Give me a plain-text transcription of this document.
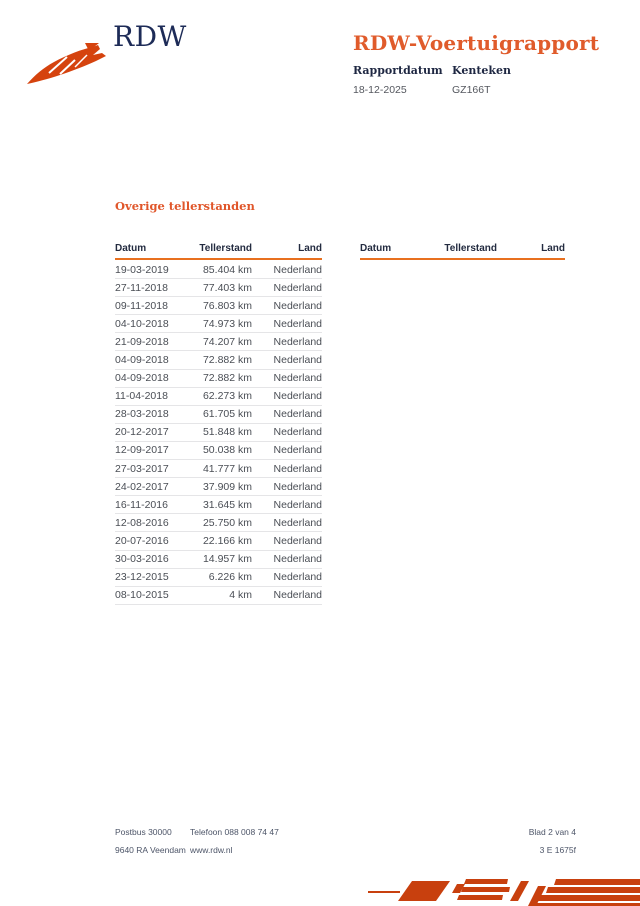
RDW	RDW-Voertuigrapport
Rapportdatum
18-12-2025
Kenteken
GZ166T
Overige tellerstanden
Datum	Tellerstand	Land
19-03-2019	85.404 km	Nederland
27-11-2018	77.403 km	Nederland
09-11-2018	76.803 km	Nederland
04-10-2018	74.973 km	Nederland
21-09-2018	74.207 km	Nederland
04-09-2018	72.882 km	Nederland
04-09-2018	72.882 km	Nederland
11-04-2018	62.273 km	Nederland
28-03-2018	61.705 km	Nederland
20-12-2017	51.848 km	Nederland
12-09-2017	50.038 km	Nederland
27-03-2017	41.777 km	Nederland
24-02-2017	37.909 km	Nederland
16-11-2016	31.645 km	Nederland
12-08-2016	25.750 km	Nederland
20-07-2016	22.166 km	Nederland
30-03-2016	14.957 km	Nederland
23-12-2015	6.226 km	Nederland
08-10-2015	4 km	Nederland
Datum	Tellerstand	Land
Postbus 30000
9640 RA Veendam
Telefoon 088 008 74 47
www.rdw.nl
Blad 2 van 4
3 E 1675f
